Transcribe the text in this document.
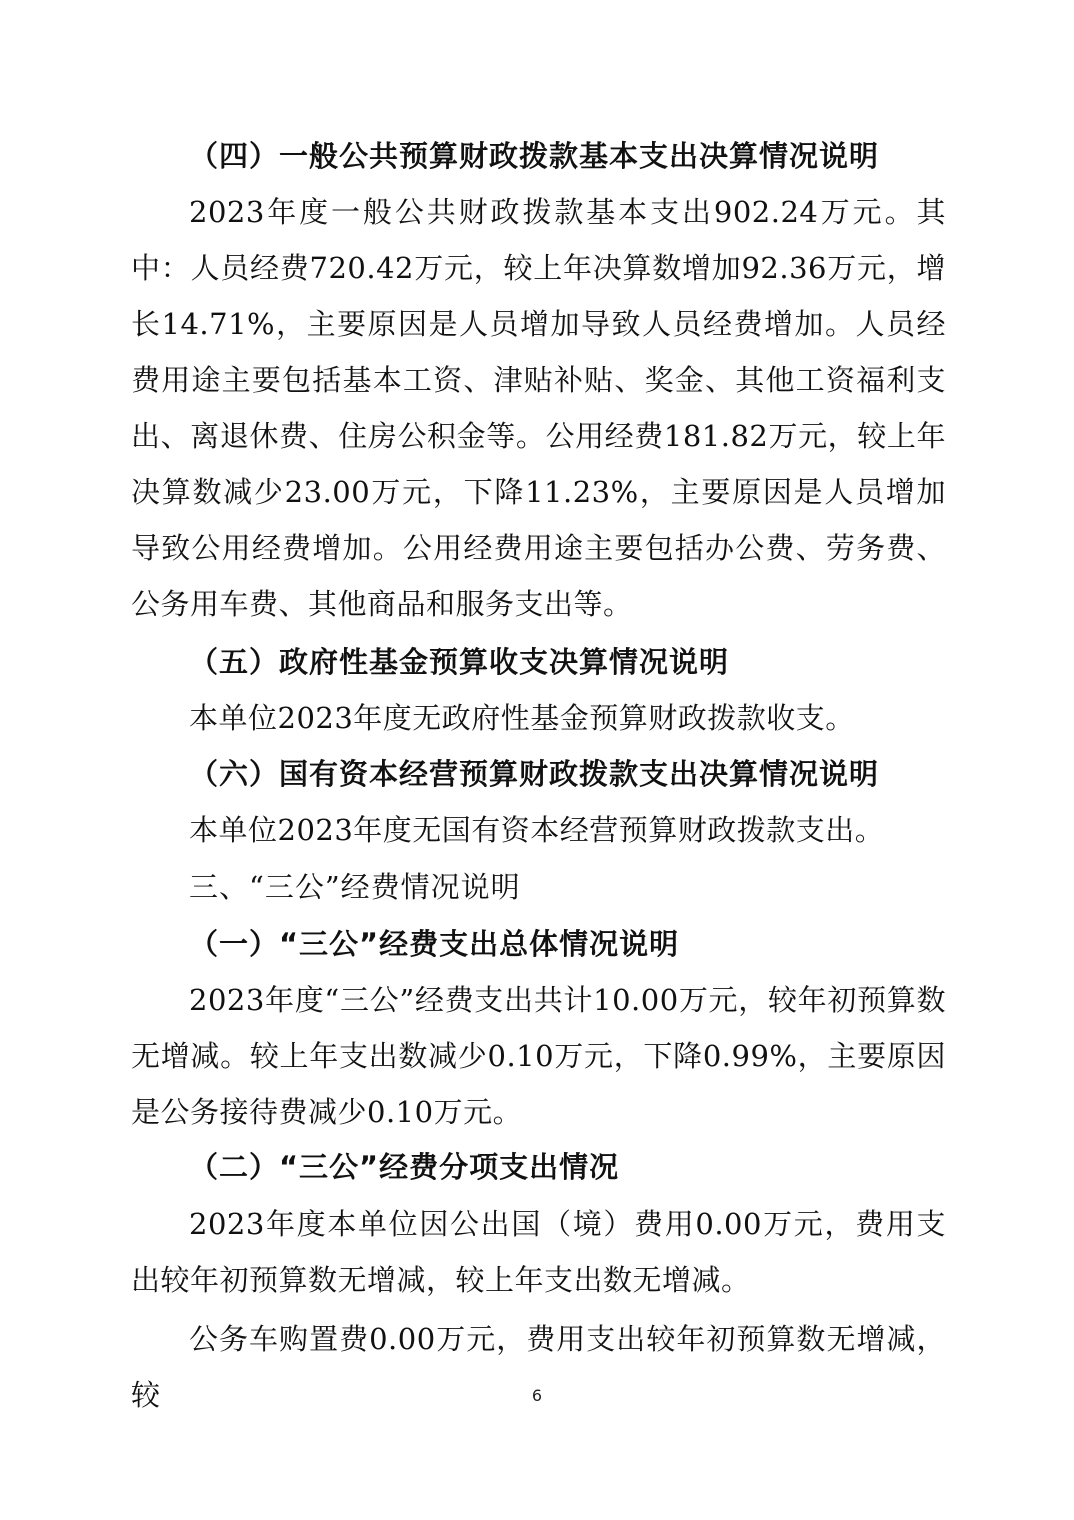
（四）一般公共预算财政拨款基本支出决算情况说明

2023年度一般公共财政拨款基本支出902.24万元。其中：人员经费720.42万元，较上年决算数增加92.36万元，增长14.71%，主要原因是人员增加导致人员经费增加。人员经费用途主要包括基本工资、津贴补贴、奖金、其他工资福利支出、离退休费、住房公积金等。公用经费181.82万元，较上年决算数减少23.00万元，下降11.23%，主要原因是人员增加导致公用经费增加。公用经费用途主要包括办公费、劳务费、公务用车费、其他商品和服务支出等。

（五）政府性基金预算收支决算情况说明

本单位2023年度无政府性基金预算财政拨款收支。

（六）国有资本经营预算财政拨款支出决算情况说明

本单位2023年度无国有资本经营预算财政拨款支出。

三、“三公”经费情况说明
（一）“三公”经费支出总体情况说明

2023年度“三公”经费支出共计10.00万元，较年初预算数无增减。较上年支出数减少0.10万元，下降0.99%，主要原因是公务接待费减少0.10万元。

（二）“三公”经费分项支出情况

2023年度本单位因公出国（境）费用0.00万元，费用支出较年初预算数无增减，较上年支出数无增减。

公务车购置费0.00万元，费用支出较年初预算数无增减，较	6
